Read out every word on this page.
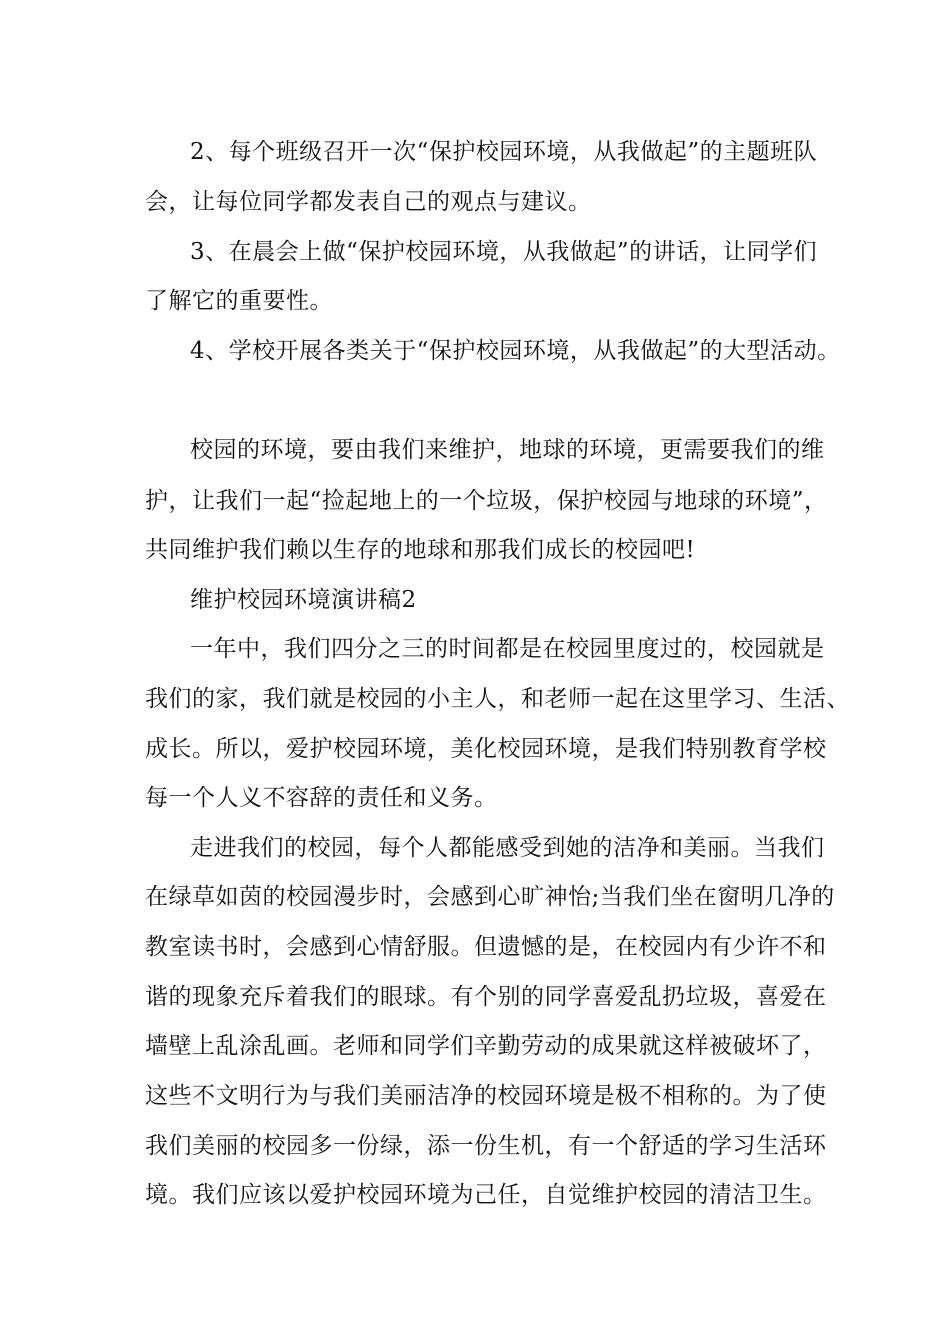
2、每个班级召开一次“保护校园环境，从我做起”的主题班队
会，让每位同学都发表自己的观点与建议。
3、在晨会上做“保护校园环境，从我做起”的讲话，让同学们
了解它的重要性。
4、学校开展各类关于“保护校园环境，从我做起”的大型活动。
校园的环境，要由我们来维护，地球的环境，更需要我们的维
护，让我们一起“捡起地上的一个垃圾，保护校园与地球的环境”，
共同维护我们赖以生存的地球和那我们成长的校园吧!
维护校园环境演讲稿2
一年中，我们四分之三的时间都是在校园里度过的，校园就是
我们的家，我们就是校园的小主人，和老师一起在这里学习、生活、
成长。所以，爱护校园环境，美化校园环境，是我们特别教育学校
每一个人义不容辞的责任和义务。
走进我们的校园，每个人都能感受到她的洁净和美丽。当我们
在绿草如茵的校园漫步时，会感到心旷神怡;当我们坐在窗明几净的
教室读书时，会感到心情舒服。但遗憾的是，在校园内有少许不和
谐的现象充斥着我们的眼球。有个别的同学喜爱乱扔垃圾，喜爱在
墙壁上乱涂乱画。老师和同学们辛勤劳动的成果就这样被破坏了，
这些不文明行为与我们美丽洁净的校园环境是极不相称的。为了使
我们美丽的校园多一份绿，添一份生机，有一个舒适的学习生活环
境。我们应该以爱护校园环境为己任，自觉维护校园的清洁卫生。
